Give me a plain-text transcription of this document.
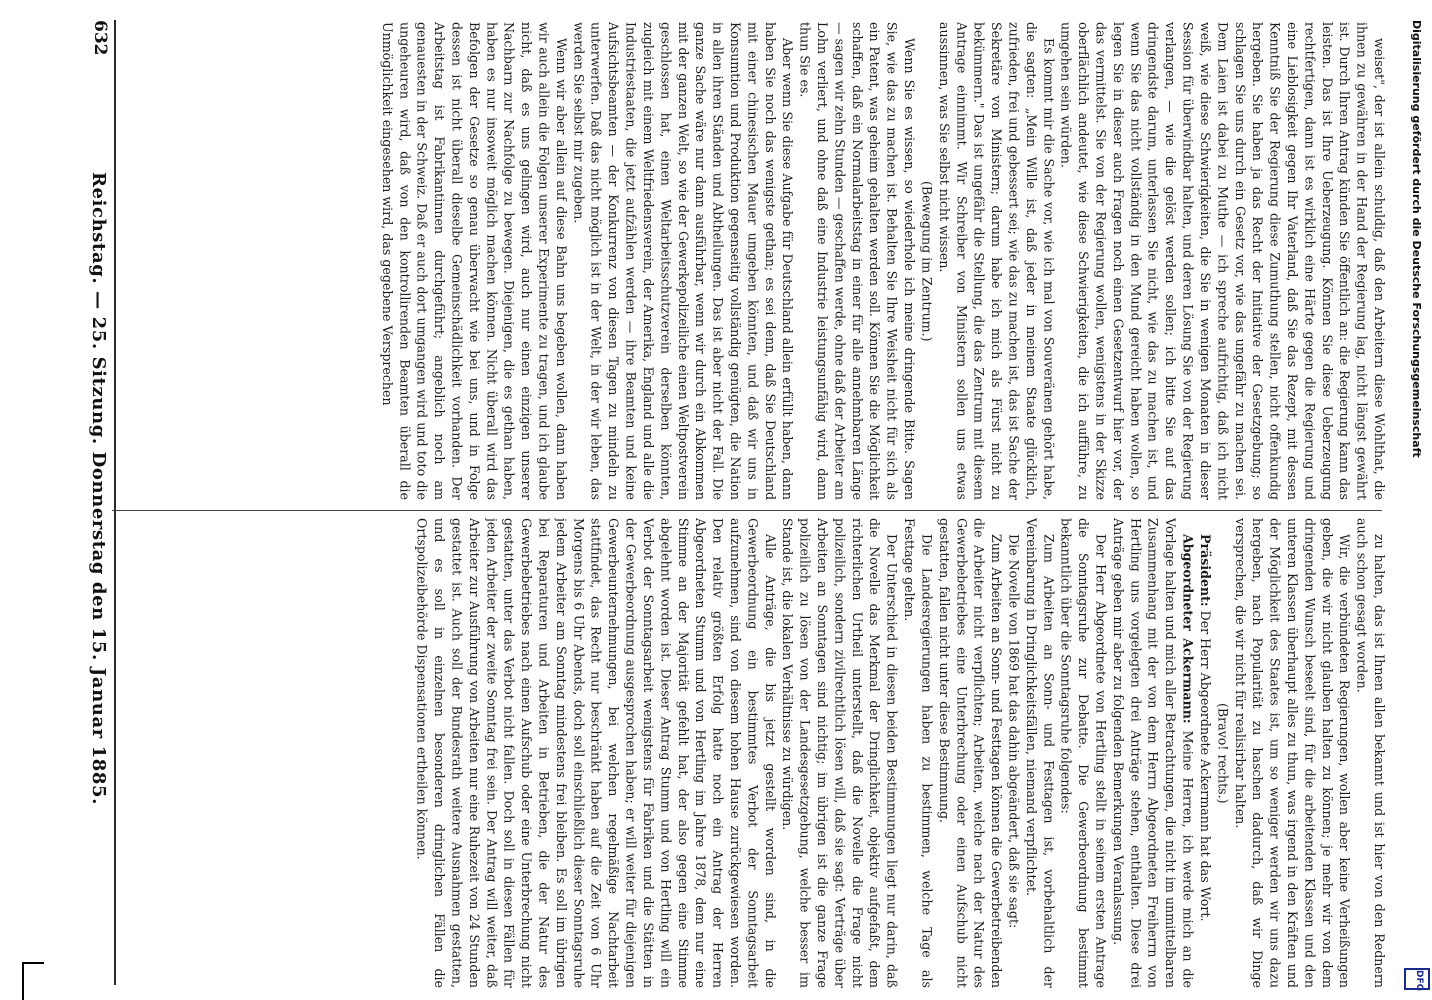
632
Reichstag. — 25. Sitzung. Donnerstag den 15. Januar 1885.	weiset", der ist allein schuldig, daß den Arbeitern diese Wohlthat, die ihnen zu gewähren in der Hand der Regierung lag, nicht längst gewährt ist. Durch Ihren Antrag künden Sie öffentlich an: die Regierung kann das leisten. Das ist Ihre Ueberzeugung. Können Sie diese Ueberzeugung rechtfertigen, dann ist es wirklich eine Härte gegen die Regierung und eine Lieblosigkeit gegen Ihr Vaterland, daß Sie das Rezept, mit dessen Kenntniß Sie der Regierung diese Zumuthung stellen, nicht offenkundig hergeben. Sie haben ja das Recht der Initiative der Gesetzgebung; so schlagen Sie uns durch ein Gesetz vor, wie das ungefähr zu machen sei. Dem Laien ist dabei zu Muthe — ich spreche aufrichtig, daß ich nicht weiß, wie diese Schwierigkeiten, die Sie in wenigen Monaten in dieser Session für überwindbar halten, und deren Lösung Sie von der Regierung verlangen, — wie die gelöst werden sollen; ich bitte Sie auf das dringendste darum, unterlassen Sie nicht, wie das zu machen ist, und wenn Sie das nicht vollständig in den Mund gereicht haben wollen, so legen Sie in dieser auch Fragen noch einen Gesetzentwurf hier vor, der das vermittelst. Sie von der Regierung wollen, wenigstens in der Skizze oberflächlich andeutet, wie diese Schwierigkeiten, die ich aufführe, zu umgehen sein würden.

Es kommt mir die Sache vor, wie ich mal von Souveränen gehört habe, die sagten: „Mein Wille ist, daß jeder in meinem Staate glücklich, zufrieden, frei und gebessert sei; wie das zu machen ist, das ist Sache der Sekretäre von Ministern; darum habe ich mich als Fürst nicht zu bekümmern." Das ist ungefähr die Stellung, die das Zentrum mit diesem Antrage einnimmt. Wir Schreiber von Ministern sollen uns etwas aussinnen, was Sie selbst nicht wissen.

(Bewegung im Zentrum.)

Wenn Sie es wissen, so wiederhole ich meine dringende Bitte. Sagen Sie, wie das zu machen ist. Behalten Sie Ihre Weisheit nicht für sich als ein Patent, was geheim gehalten werden soll. Können Sie die Möglichkeit schaffen, daß ein Normalarbeitstag in einer für alle annehmbaren Länge — sagen wir zehn Stunden — geschaffen werde, ohne daß der Arbeiter am Lohn verliert, und ohne daß eine Industrie leistungsunfähig wird, dann thun Sie es.

Aber wenn Sie diese Aufgabe für Deutschland allein erfüllt haben, dann haben Sie noch das wenigste gethan; es sei denn, daß Sie Deutschland mit einer chinesischen Mauer umgeben könnten, und daß wir uns in Konsumtion und Produktion gegenseitig vollständig genügten, die Nation in allen ihren Ständen und Abtheilungen. Das ist aber nicht der Fall. Die ganze Sache wäre nur dann ausführbar, wenn wir durch ein Abkommen mit der ganzen Welt, so wie der Gewerkepolizeiliche einen Weltpostverein geschlossen hat, einen Weltarbeitsschutzverein derselben könnten, zugleich mit einem Weltfriedensverein, der Amerika, England und alle die Industriestaaten, die jetzt aufzählen werden — ihre Beamten und keine Aufsichtsbeamten — der Konkurrenz von diesen Tagen zu mindeln zu unterwerfen. Daß das nicht möglich ist in der Welt, in der wir leben, das werden Sie selbst mir zugeben.

Wenn wir aber allein auf diese Bahn uns begeben wollen, dann haben wir auch allein die Folgen unserer Experimente zu tragen, und ich glaube nicht, daß es uns gelingen wird, auch nur einen einzigen unserer Nachbarn zur Nachfolge zu bewegen. Diejenigen, die es gethan haben, haben es nur insoweit möglich machen können. Nicht überall wird das Befolgen der Gesetze so genau überwacht wie bei uns, und in Folge dessen ist nicht überall dieselbe Gemeinschädlichkeit vorhanden. Der Arbeitstag ist Fabrikantinnen durchgeführt; angeblich noch am genauesten in der Schweiz. Daß er auch dort umgangen wird und toto die ungeheuren wird, daß von den kontrollirenden Beamten überall die Unmöglichkeit eingesehen wird, das gegebene Versprechen

zu halten, das ist Ihnen allen bekannt und ist hier von den Rednern auch schon gesagt worden.

Wir, die verbündeten Regierungen, wollen aber keine Verheißungen geben, die wir nicht glauben halten zu können; je mehr wir von dem dringenden Wunsch beseelt sind, für die arbeitenden Klassen und den unteren Klassen überhaupt alles zu thun, was irgend in den Kräften und der Möglichkeit des Staates ist, um so weniger werden wir uns dazu hergeben, nach Popularität zu haschen dadurch, daß wir Dinge versprechen, die wir nicht für realisirbar halten.

(Bravo! rechts.)

Präsident: Der Herr Abgeordnete Ackermann hat das Wort.

Abgeordneter Ackermann: Meine Herren, ich werde mich an die Vorlage halten und mich aller Betrachtungen, die nicht im unmittelbaren Zusammenhang mit der von dem Herrn Abgeordneten Freiherrn von Hertling uns vorgelegten drei Anträge stehen, enthalten. Diese drei Anträge geben mir aber zu folgenden Bemerkungen Veranlassung.

Der Herr Abgeordnete von Hertling stellt in seinem ersten Antrage die Sonntagsruhe zur Debatte. Die Gewerbeordnung bestimmt bekanntlich über die Sonntagsruhe folgendes:

Zum Arbeiten an Sonn- und Festtagen ist, vorbehaltlich der Vereinbarung in Dringlichkeitsfällen, niemand verpflichtet.

Die Novelle von 1869 hat das dahin abgeändert, daß sie sagt:

Zum Arbeiten an Sonn- und Festtagen können die Gewerbetreibenden die Arbeiter nicht verpflichten; Arbeiten, welche nach der Natur des Gewerbebetriebes eine Unterbrechung oder einen Aufschub nicht gestatten, fallen nicht unter diese Bestimmung.

Die Landesregierungen haben zu bestimmen, welche Tage als Festtage gelten.

Der Unterschied in diesen beiden Bestimmungen liegt nur darin, daß die Novelle das Merkmal der Dringlichkeit, objektiv aufgefaßt, dem richterlichen Urtheil unterstellt, daß die Novelle die Frage nicht polizeilich, sondern zivilrechtlich lösen will, daß sie sagt: Verträge über Arbeiten an Sonntagen sind nichtig; im übrigen ist die ganze Frage polizeilich zu lösen von der Landesgesetzgebung, welche besser im Stande ist, die lokalen Verhältnisse zu würdigen.

Alle Anträge, die bis jetzt gestellt worden sind, in die Gewerbeordnung ein bestimmtes Verbot der Sonntagsarbeit aufzunehmen, sind von diesem hohen Hause zurückgewiesen worden. Den relativ größten Erfolg hatte noch ein Antrag der Herren Abgeordneten Stumm und von Hertling im Jahre 1878, dem nur eine Stimme an der Majorität gefehlt hat, der also gegen eine Stimme abgelehnt worden ist. Dieser Antrag Stumm und von Hertling will ein Verbot der Sonntagsarbeit wenigstens für Fabriken und die Stätten in der Gewerbeordnung ausgesprochen haben; er will weiter für diejenigen Gewerbeunternehmungen, bei welchen regelmäßige Nachtarbeit stattfindet, das Recht nur beschränkt haben auf die Zeit von 6 Uhr Morgens bis 6 Uhr Abends, doch soll einschließlich dieser Sonntagsruhe jedem Arbeiter am Sonntag mindestens frei bleiben. Es soll im übrigen bei Reparaturen und Arbeiten in Betrieben, die der Natur des Gewerbebetriebes nach einen Aufschub oder eine Unterbrechung nicht gestatten, unter das Verbot nicht fallen. Doch soll in diesen Fällen für jeden Arbeiter der zweite Sonntag frei sein. Der Antrag will weiter, daß Arbeiter zur Ausführung von Arbeiten nur eine Ruhezeit von 24 Stunden gestattet ist. Auch soll der Bundesrath weitere Ausnahmen gestatten, und es soll in einzelnen besonderen dringlichen Fällen die Ortspolizeibehörde Dispensationen ertheilen können.

Digitalisierung gefördert durch die Deutsche Forschungsgemeinschaft
DFG
